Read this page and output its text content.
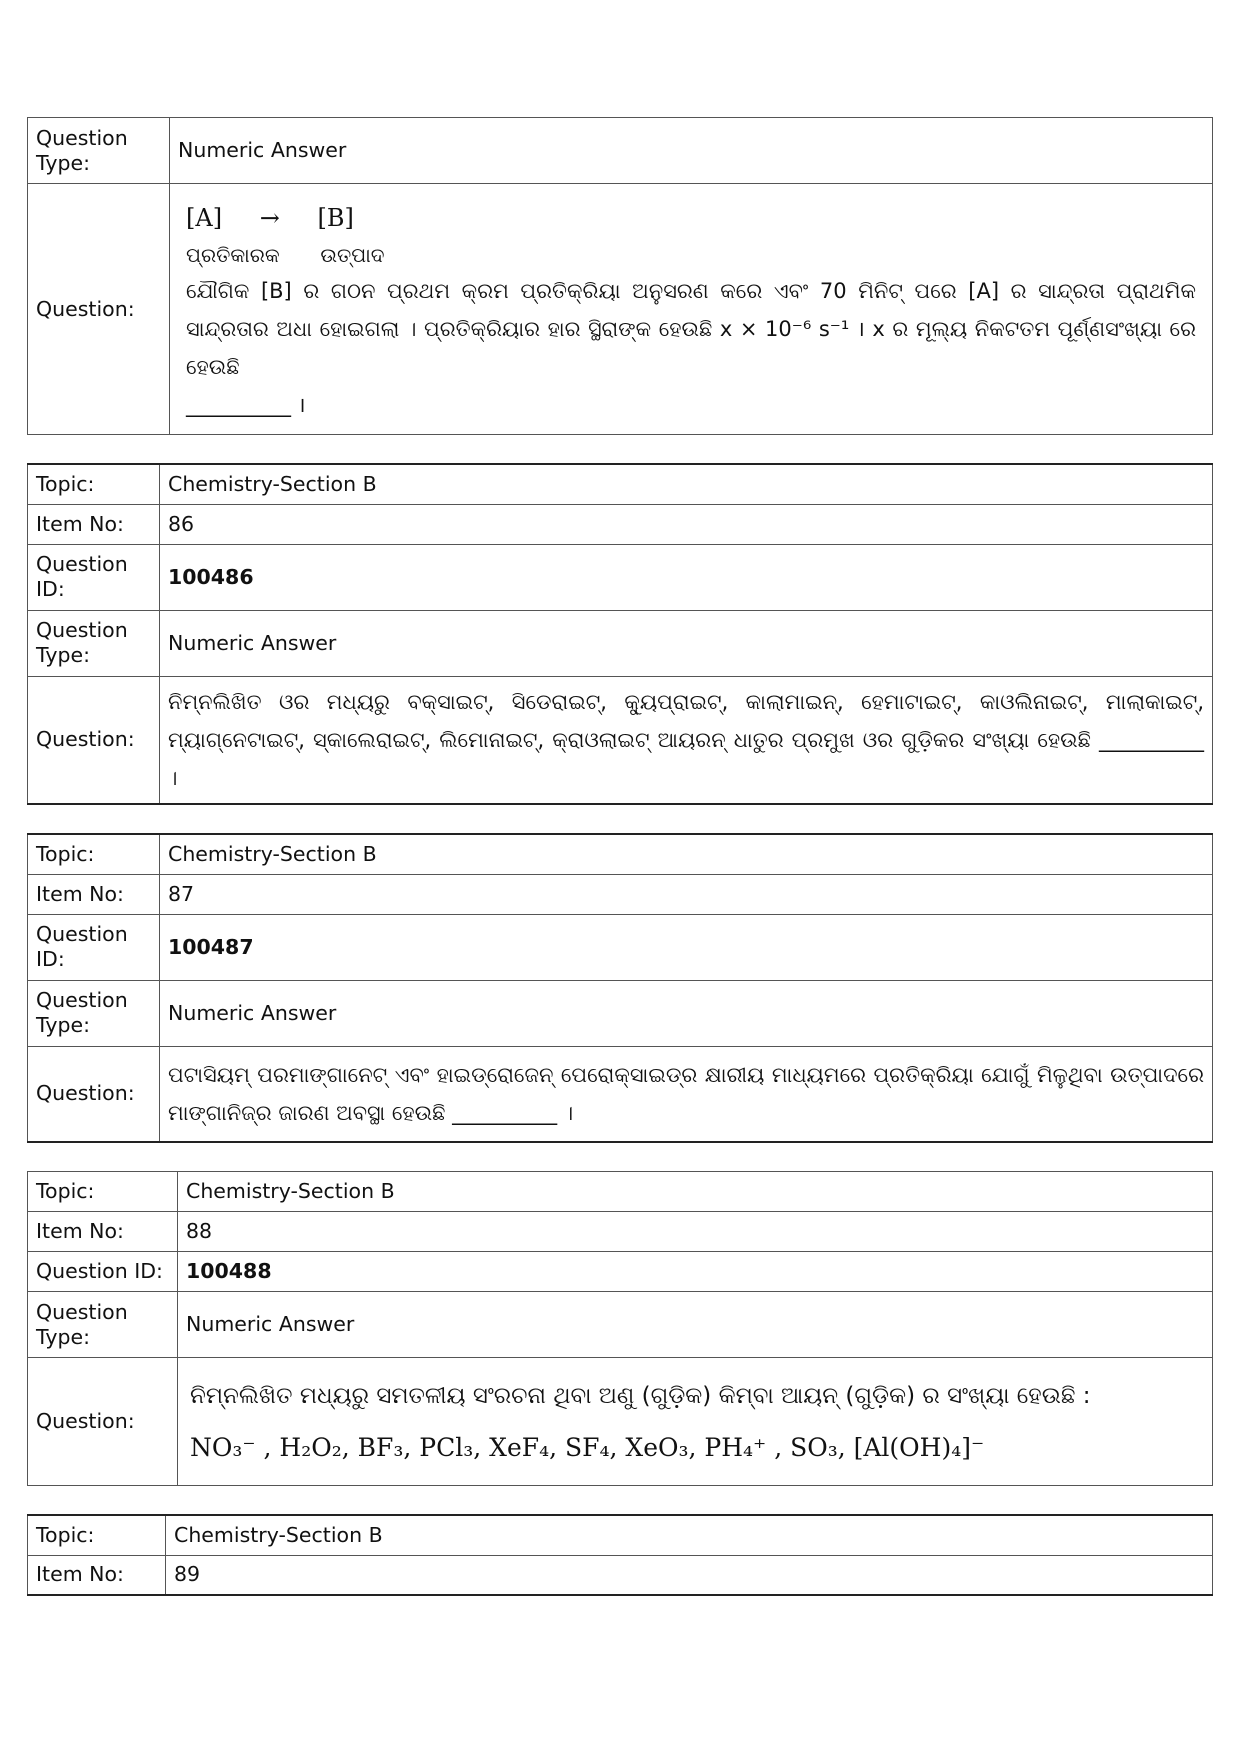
Question Type:	Numeric Answer
Question:	[A] → [B]
ପ୍ରତିକାରକ ଉତ୍ପାଦ
ଯୌଗିକ [B] ର ଗଠନ ପ୍ରଥମ କ୍ରମ ପ୍ରତିକ୍ରିୟା ଅନୁସରଣ କରେ ଏବଂ 70 ମିନିଟ୍ ପରେ [A] ର ସାନ୍ଦ୍ରତା ପ୍ରାଥମିକ ସାନ୍ଦ୍ରତାର ଅଧା ହୋଇଗଲା । ପ୍ରତିକ୍ରିୟାର ହାର ସ୍ଥିରାଙ୍କ ହେଉଛି x × 10⁻⁶ s⁻¹ । x ର ମୂଲ୍ୟ ନିକଟତମ ପୂର୍ଣ୍ଣସଂଖ୍ୟା ରେ ହେଉଛି
__________ ।
Topic:	Chemistry-Section B
Item No:	86
Question ID:	100486
Question Type:	Numeric Answer
Question:	ନିମ୍ନଲିଖିତ ଓର ମଧ୍ୟରୁ ବକ୍ସାଇଟ୍, ସିଡେରାଇଟ୍, କ୍ୟୁପ୍ରାଇଟ୍, କାଲାମାଇନ୍, ହେମାଟାଇଟ୍, କାଓଲିନାଇଟ୍, ମାଲାକାଇଟ୍, ମ୍ୟାଗ୍ନେଟାଇଟ୍, ସ୍କାଲେରାଇଟ୍, ଲିମୋନାଇଟ୍, କ୍ରାଓଲାଇଟ୍ ଆୟରନ୍ ଧାତୁର ପ୍ରମୁଖ ଓର ଗୁଡ଼ିକର ସଂଖ୍ୟା ହେଉଛି __________ ।
Topic:	Chemistry-Section B
Item No:	87
Question ID:	100487
Question Type:	Numeric Answer
Question:	ପଟାସିୟମ୍ ପରମାଙ୍ଗାନେଟ୍ ଏବଂ ହାଇଡ୍ରୋଜେନ୍ ପେରୋକ୍ସାଇଡ୍‌ର କ୍ଷାରୀୟ ମାଧ୍ୟମରେ ପ୍ରତିକ୍ରିୟା ଯୋଗୁଁ ମିଳୁଥିବା ଉତ୍ପାଦରେ ମାଙ୍ଗାନିଜ୍‌ର ଜାରଣ ଅବସ୍ଥା ହେଉଛି __________ ।
Topic:	Chemistry-Section B
Item No:	88
Question ID:	100488
Question Type:	Numeric Answer
Question:	ନିମ୍ନଲିଖିତ ମଧ୍ୟରୁ ସମତଳୀୟ ସଂରଚନା ଥିବା ଅଣୁ (ଗୁଡ଼ିକ) କିମ୍ବା ଆୟନ୍ (ଗୁଡ଼ିକ) ର ସଂଖ୍ୟା ହେଉଛି :
NO₃⁻ , H₂O₂, BF₃, PCl₃, XeF₄, SF₄, XeO₃, PH₄⁺ , SO₃, [Al(OH)₄]⁻
Topic:	Chemistry-Section B
Item No:	89
